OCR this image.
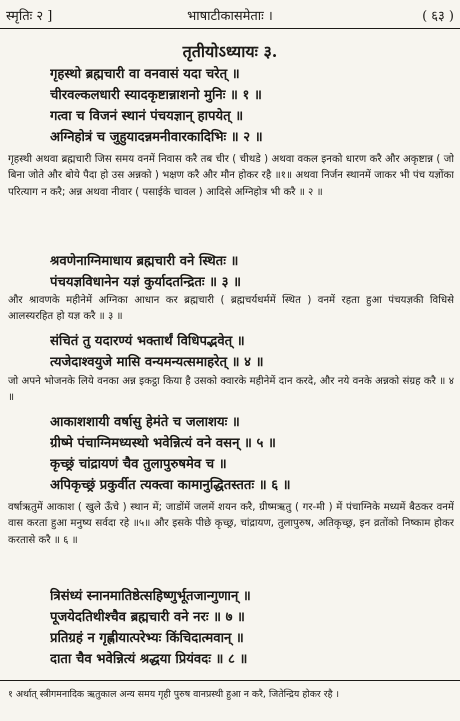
स्मृतिः २ ]	भाषाटीकासमेताः ।	( ६३ )
तृतीयोऽध्यायः ३.
गृहस्थो ब्रह्मचारी वा वनवासं यदा चरेत् ॥
चीरवल्कलधारी स्यादकृष्टान्नाशनो मुनिः ॥ १ ॥
गत्वा च विजनं स्थानं पंचयज्ञान् हापयेत् ॥
अग्निहोत्रं च जुहुयादन्नमनीवारकादिभिः ॥ २ ॥

गृहस्थी अथवा ब्रह्मचारी जिस समय वनमें निवास करै तब चीर ( चीथडे ) अथवा वकल इनको धारण करै और अकृष्टान्न ( जो बिना जोते और बोये पैदा हो उस अन्नको ) भक्षण करै और मौन होकर रहै ॥१॥ अथवा निर्जन स्थानमें जाकर भी पंच यज्ञोंका परित्याग न करै; अन्न अथवा नीवार ( पसाईके चावल ) आदिसे अग्निहोत्र भी करै ॥ २ ॥

श्रवणेनाग्निमाधाय ब्रह्मचारी वने स्थितः ॥
पंचयज्ञविधानेन यज्ञं कुर्यादतन्द्रितः ॥ ३ ॥

और श्रावणके महीनेमें अग्निका आधान कर ब्रह्मचारी ( ब्रह्मचर्यधर्ममें स्थित ) वनमें रहता हुआ पंचयज्ञकी विधिसे आलस्यरहित हो यज्ञ करै ॥ ३ ॥

संचितं तु यदारण्यं भक्तार्थं विधिपद्भवेत् ॥
त्यजेदाश्वयुजे मासि वन्यमन्यत्समाहरेत् ॥ ४ ॥

जो अपने भोजनके लिये वनका अन्न इकट्ठा किया है उसको क्वारके महीनेमें दान करदे, और नये वनके अन्नको संग्रह करै ॥ ४ ॥

आकाशशायी वर्षासु हेमंते च जलाशयः ॥
ग्रीष्मे पंचाग्निमध्यस्थो भवेन्नित्यं वने वसन् ॥ ५ ॥
कृच्छ्रं चांद्रायणं चैव तुलापुरुषमेव च ॥
अपिकृच्छ्रं प्रकुर्वीत त्यक्त्वा कामानुद्धितस्ततः ॥ ६ ॥

वर्षाऋतुमें आकाश ( खुले ऊँचे ) स्थान में; जाडोंमें जलमें शयन करै, ग्रीष्मऋतु ( गर-मी ) में पंचाग्निके मध्यमें बैठकर वनमें वास करता हुआ मनुष्य सर्वदा रहे ॥५॥ और इसके पीछे कृच्छ्र, चांद्रायण, तुलापुरुष, अतिकृच्छ्र, इन व्रतोंको निष्काम होकर करतासे करै ॥ ६ ॥

त्रिसंध्यं स्नानमातिष्ठेत्सहिष्णुर्भूतजान्गुणान् ॥
पूजयेदतिथीश्चैव ब्रह्मचारी वने नरः ॥ ७ ॥
प्रतिग्रहं न गृह्णीयात्परेभ्यः किंचिदात्मवान् ॥
दाता चैव भवेन्नित्यं श्रद्धया प्रियंवदः ॥ ८ ॥
१ अर्थात् स्त्रीगमनादिक ऋतुकाल अन्य समय गृही पुरुष वानप्रस्थी हुआ न करै, जितेन्द्रिय होकर रहै ।
